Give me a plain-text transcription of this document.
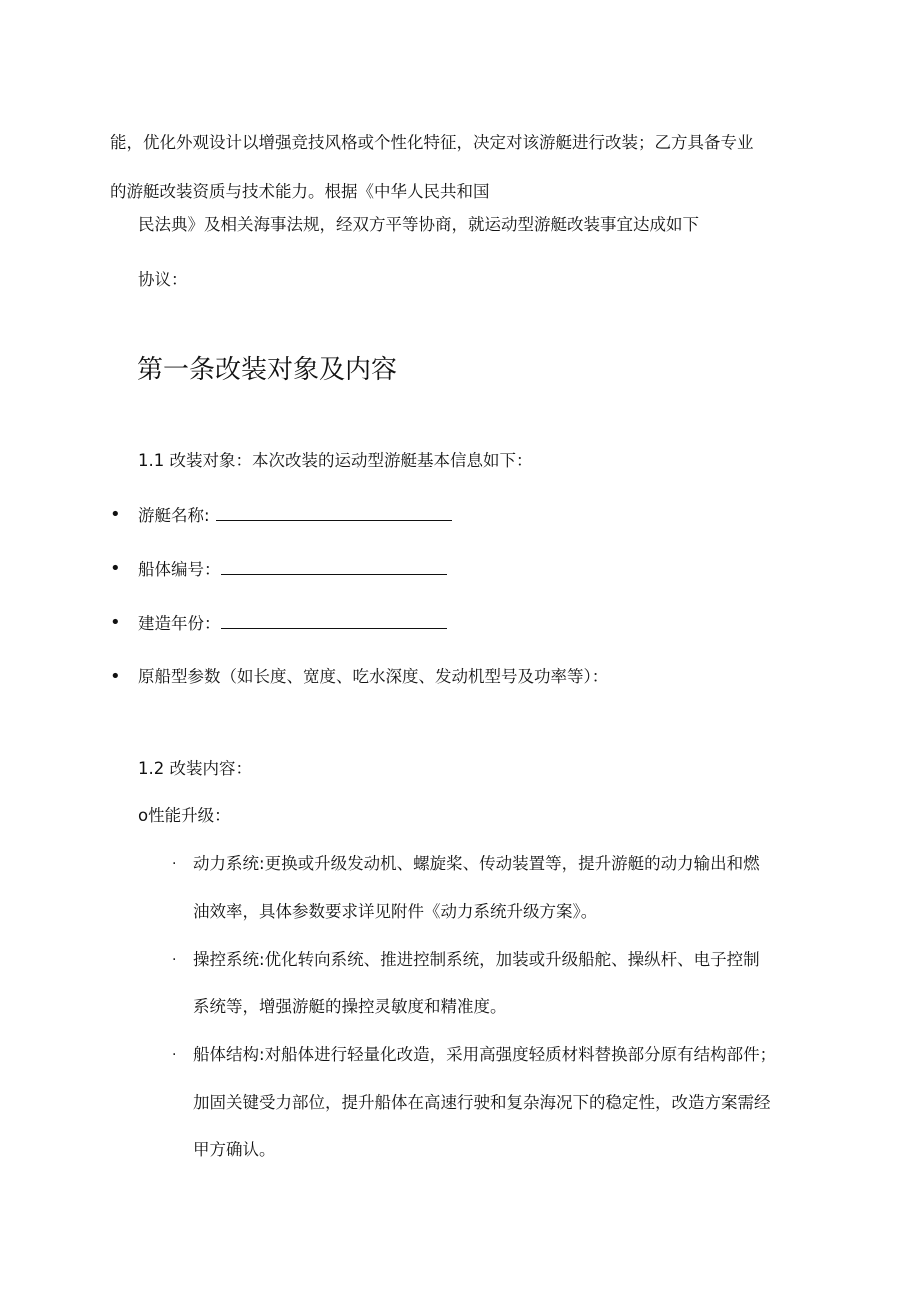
能，优化外观设计以增强竞技风格或个性化特征，决定对该游艇进行改装；乙方具备专业
的游艇改装资质与技术能力。根据《中华人民共和国
民法典》及相关海事法规，经双方平等协商，就运动型游艇改装事宜达成如下
协议：
第一条改装对象及内容
1.1 改装对象：本次改装的运动型游艇基本信息如下：
• 游艇名称:
• 船体编号：
• 建造年份：
• 原船型参数（如长度、宽度、吃水深度、发动机型号及功率等）：
1.2 改装内容：
o性能升级：
· 动力系统:更换或升级发动机、螺旋桨、传动装置等，提升游艇的动力输出和燃
油效率，具体参数要求详见附件《动力系统升级方案》。
· 操控系统:优化转向系统、推进控制系统，加装或升级船舵、操纵杆、电子控制
系统等，增强游艇的操控灵敏度和精准度。
· 船体结构:对船体进行轻量化改造，采用高强度轻质材料替换部分原有结构部件；
加固关键受力部位，提升船体在高速行驶和复杂海况下的稳定性，改造方案需经
甲方确认。
